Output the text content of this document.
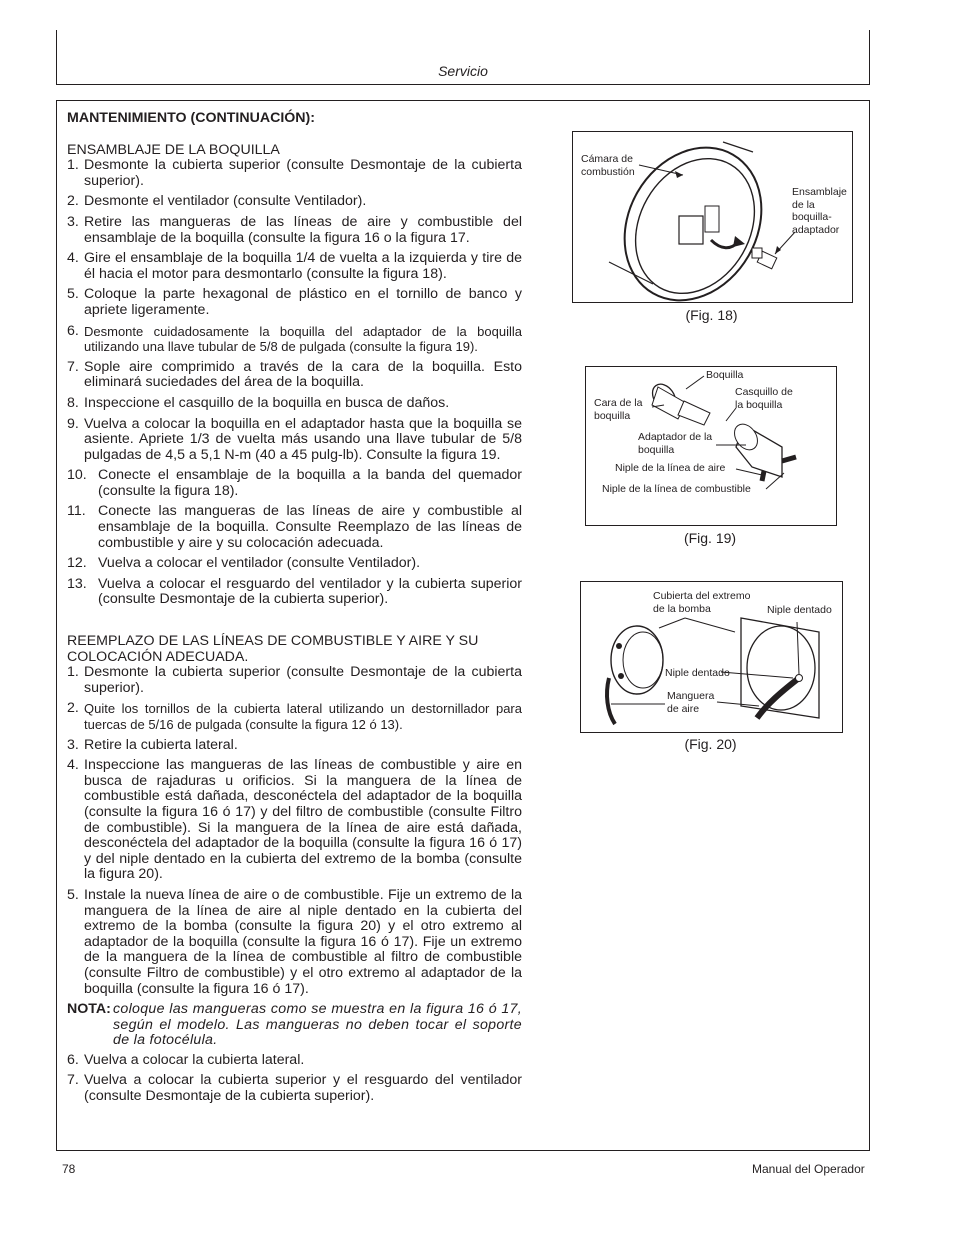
Servicio

MANTENIMIENTO (CONTINUACIÓN):

ENSAMBLAJE DE LA BOQUILLA

1. Desmonte la cubierta superior (consulte Desmontaje de la cubierta superior).
2. Desmonte el ventilador (consulte Ventilador).
3. Retire las mangueras de las líneas de aire y combustible del ensamblaje de la boquilla (consulte la figura 16 o la figura 17.
4. Gire el ensamblaje de la boquilla 1/4 de vuelta a la izquierda y tire de él hacia el motor para desmontarlo (consulte la figura 18).
5. Coloque la parte hexagonal de plástico en el tornillo de banco y apriete ligeramente.
6. Desmonte cuidadosamente la boquilla del adaptador de la boquilla utilizando una llave tubular de 5/8 de pulgada (consulte la figura 19).
7. Sople aire comprimido a través de la cara de la boquilla. Esto eliminará suciedades del área de la boquilla.
8. Inspeccione el casquillo de la boquilla en busca de daños.
9. Vuelva a colocar la boquilla en el adaptador hasta que la boquilla se asiente. Apriete 1/3 de vuelta más usando una llave tubular de 5/8 pulgadas de 4,5 a 5,1 N-m (40 a 45 pulg-lb). Consulte la figura 19.
10. Conecte el ensamblaje de la boquilla a la banda del quemador (consulte la figura 18).
11. Conecte las mangueras de las líneas de aire y combustible al ensamblaje de la boquilla. Consulte Reemplazo de las líneas de combustible y aire y su colocación adecuada.
12. Vuelva a colocar el ventilador (consulte Ventilador).
13. Vuelva a colocar el resguardo del ventilador y la cubierta superior (consulte Desmontaje de la cubierta superior).

REEMPLAZO DE LAS LÍNEAS DE COMBUSTIBLE Y AIRE Y SU COLOCACIÓN ADECUADA.

1. Desmonte la cubierta superior (consulte Desmontaje de la cubierta superior).
2. Quite los tornillos de la cubierta lateral utilizando un destornillador para tuercas de 5/16 de pulgada (consulte la figura 12 ó 13).
3. Retire la cubierta lateral.
4. Inspeccione las mangueras de las líneas de combustible y aire en busca de rajaduras u orificios. Si la manguera de la línea de combustible está dañada, desconéctela del adaptador de la boquilla (consulte la figura 16 ó 17) y del filtro de combustible (consulte Filtro de combustible). Si la manguera de la línea de aire está dañada, desconéctela del adaptador de la boquilla (consulte la figura 16 ó 17) y del niple dentado en la cubierta del extremo de la bomba (consulte la figura 20).
5. Instale la nueva línea de aire o de combustible. Fije un extremo de la manguera de la línea de aire al niple dentado en la cubierta del extremo de la bomba (consulte la figura 20) y el otro extremo al adaptador de la boquilla (consulte la figura 16 ó 17). Fije un extremo de la manguera de la línea de combustible al filtro de combustible (consulte Filtro de combustible) y el otro extremo al adaptador de la boquilla (consulte la figura 16 ó 17).
NOTA: coloque las mangueras como se muestra en la figura 16 ó 17, según el modelo. Las mangueras no deben tocar el soporte de la fotocélula.
6. Vuelva a colocar la cubierta lateral.
7. Vuelva a colocar la cubierta superior y el resguardo del ventilador (consulte Desmontaje de la cubierta superior).
Cámara de
combustión
Ensamblaje
de la
boquilla-
adaptador
(Fig. 18)
Boquilla
Cara de la
boquilla
Casquillo de
la boquilla
Adaptador de la
boquilla
Niple de la línea de aire
Niple de la línea de combustible
(Fig. 19)
Cubierta del extremo
de la bomba	Niple dentado
Niple dentado
Manguera
de aire
(Fig. 20)
78	Manual del Operador
